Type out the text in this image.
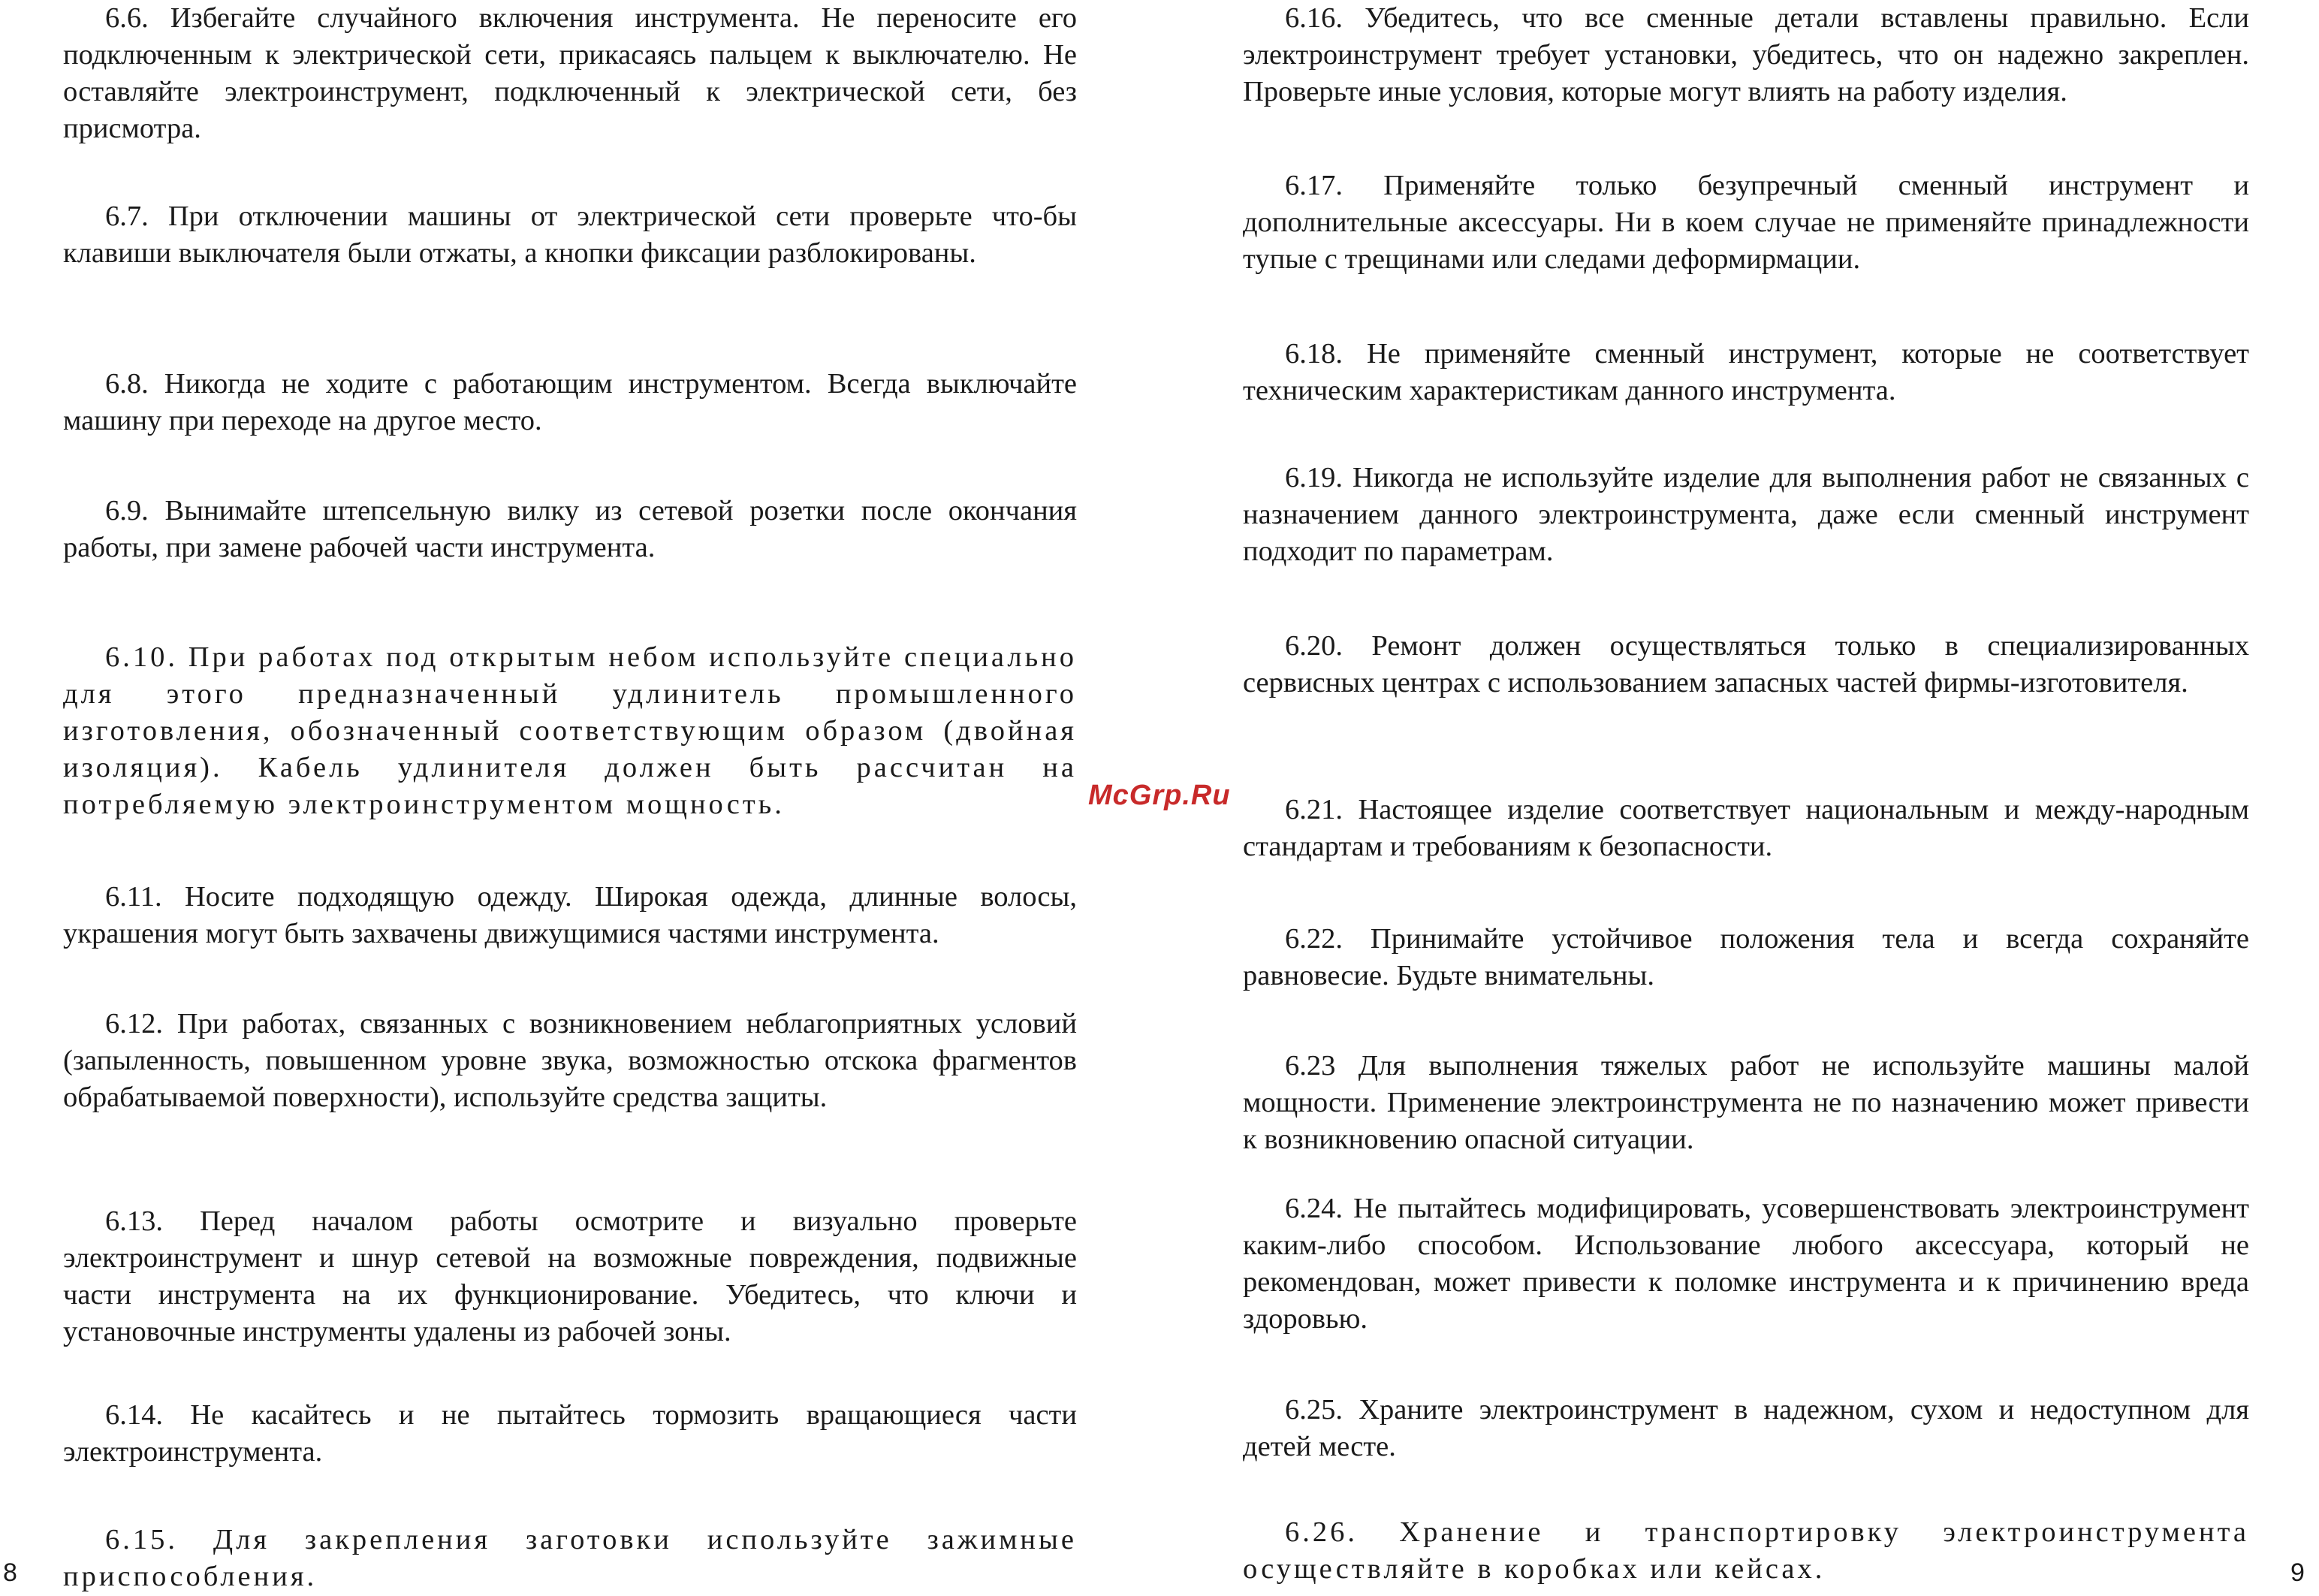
6.6. Избегайте случайного включения инструмента. Не переносите его подключенным к электрической сети, прикасаясь пальцем к выключателю. Не оставляйте электроинструмент, подключенный к электрической сети, без присмотра.

6.7. При отключении машины от электрической сети проверьте что-бы клавиши выключателя были отжаты, а кнопки фиксации разблокированы.

6.8. Никогда не ходите с работающим инструментом. Всегда выключайте машину при переходе на другое место.

6.9. Вынимайте штепсельную вилку из сетевой розетки после окончания работы, при замене рабочей части инструмента.

6.10. При работах под открытым небом используйте специально для этого предназначенный удлинитель промышленного изготовления, обозначенный соответствующим образом (двойная изоляция). Кабель удлинителя должен быть рассчитан на потребляемую электроинструментом мощность.

6.11. Носите подходящую одежду. Широкая одежда, длинные волосы, украшения могут быть захвачены движущимися частями инструмента.

6.12. При работах, связанных с возникновением неблагоприятных условий (запыленность, повышенном уровне звука, возможностью отскока фрагментов обрабатываемой поверхности), используйте средства защиты.

6.13. Перед началом работы осмотрите и визуально проверьте электроинструмент и шнур сетевой на возможные повреждения, подвижные части инструмента на их функционирование. Убедитесь, что ключи и установочные инструменты удалены из рабочей зоны.

6.14. Не касайтесь и не пытайтесь тормозить вращающиеся части электроинструмента.

6.15. Для закрепления заготовки используйте зажимные приспособления.

6.16. Убедитесь, что все сменные детали вставлены правильно. Если электроинструмент требует установки, убедитесь, что он надежно закреплен. Проверьте иные условия, которые могут влиять на работу изделия.

6.17. Применяйте только безупречный сменный инструмент и дополнительные аксессуары. Ни в коем случае не применяйте принадлежности тупые с трещинами или следами деформирмации.

6.18. Не применяйте сменный инструмент, которые не соответствует техническим характеристикам данного инструмента.

6.19. Никогда не используйте изделие для выполнения работ не связанных с назначением данного электроинструмента, даже если сменный инструмент подходит по параметрам.

6.20. Ремонт должен осуществляться только в специализированных сервисных центрах с использованием запасных частей фирмы-изготовителя.

6.21. Настоящее изделие соответствует национальным и между-народным стандартам и требованиям к безопасности.

6.22. Принимайте устойчивое положения тела и всегда сохраняйте равновесие. Будьте внимательны.

6.23 Для выполнения тяжелых работ не используйте машины малой мощности. Применение электроинструмента не по назначению может привести к возникновению опасной ситуации.

6.24. Не пытайтесь модифицировать, усовершенствовать электроинструмент каким-либо способом. Использование любого аксессуара, который не рекомендован, может привести к поломке инструмента и к причинению вреда здоровью.

6.25. Храните электроинструмент в надежном, сухом и недоступном для детей месте.

6.26. Хранение и транспортировку электроинструмента осуществляйте в коробках или кейсах.

McGrp.Ru
8	9
